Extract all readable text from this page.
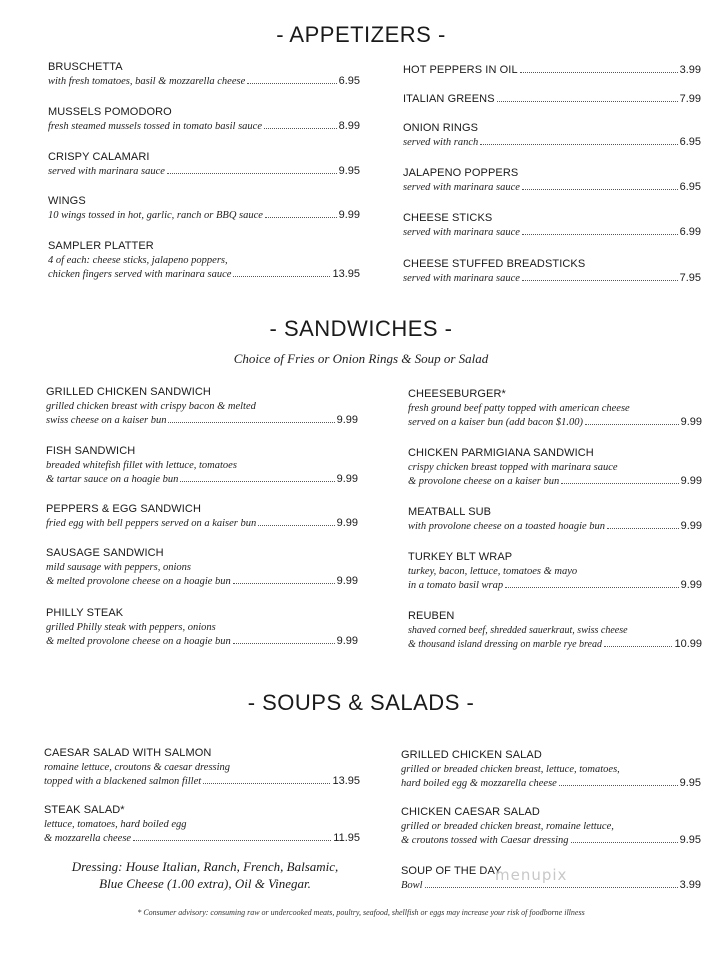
- APPETIZERS -
BRUSCHETTA
with fresh tomatoes, basil & mozzarella cheese	6.95
MUSSELS POMODORO
fresh steamed mussels tossed in tomato basil sauce	8.99
CRISPY CALAMARI
served with marinara sauce	9.95
WINGS
10 wings tossed in hot, garlic, ranch or BBQ sauce	9.99
SAMPLER PLATTER
4 of each: cheese sticks, jalapeno poppers,
chicken fingers served with marinara sauce	13.95
HOT PEPPERS IN OIL	3.99
ITALIAN GREENS	7.99
ONION RINGS
served with ranch	6.95
JALAPENO POPPERS
served with marinara sauce	6.95
CHEESE STICKS
served with marinara sauce	6.99
CHEESE STUFFED BREADSTICKS
served with marinara sauce	7.95
- SANDWICHES -
Choice of Fries or Onion Rings & Soup or Salad
GRILLED CHICKEN SANDWICH
grilled chicken breast with crispy bacon & melted
swiss cheese on a kaiser bun	9.99
FISH SANDWICH
breaded whitefish fillet with lettuce, tomatoes
& tartar sauce on a hoagie bun	9.99
PEPPERS & EGG SANDWICH
fried egg with bell peppers served on a kaiser bun	9.99
SAUSAGE SANDWICH
mild sausage with peppers, onions
& melted provolone cheese on a hoagie bun	9.99
PHILLY STEAK
grilled Philly steak with peppers, onions
& melted provolone cheese on a hoagie bun	9.99
CHEESEBURGER*
fresh ground beef patty topped with american cheese
served on a kaiser bun (add bacon $1.00)	9.99
CHICKEN PARMIGIANA SANDWICH
crispy chicken breast topped with marinara sauce
& provolone cheese on a kaiser bun	9.99
MEATBALL SUB
with provolone cheese on a toasted hoagie bun	9.99
TURKEY BLT WRAP
turkey, bacon, lettuce, tomatoes & mayo
in a tomato basil wrap	9.99
REUBEN
shaved corned beef, shredded sauerkraut, swiss cheese
& thousand island dressing on marble rye bread	10.99
- SOUPS & SALADS -
CAESAR SALAD WITH SALMON
romaine lettuce, croutons & caesar dressing
topped with a blackened salmon fillet	13.95
STEAK SALAD*
lettuce, tomatoes, hard boiled egg
& mozzarella cheese	11.95
Dressing: House Italian, Ranch, French, Balsamic,
Blue Cheese (1.00 extra), Oil & Vinegar.
GRILLED CHICKEN SALAD
grilled or breaded chicken breast, lettuce, tomatoes,
hard boiled egg & mozzarella cheese	9.95
CHICKEN CAESAR SALAD
grilled or breaded chicken breast, romaine lettuce,
& croutons tossed with Caesar dressing	9.95
SOUP OF THE DAY
Bowl	3.99
menupix
* Consumer advisory: consuming raw or undercooked meats, poultry, seafood, shellfish or eggs may increase your risk of foodborne illness
